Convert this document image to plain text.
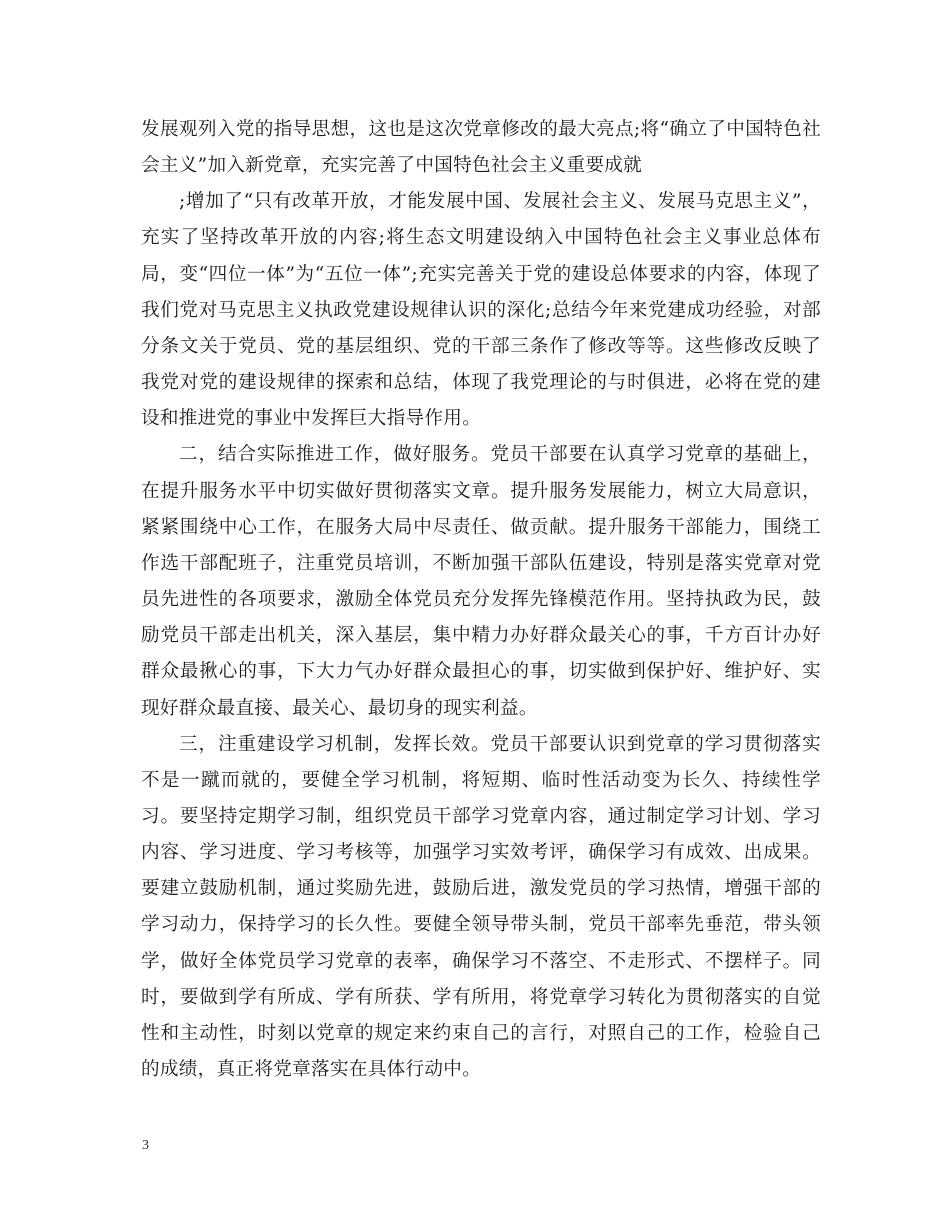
发展观列入党的指导思想，这也是这次党章修改的最大亮点;将“确立了中国特色社会主义”加入新党章，充实完善了中国特色社会主义重要成就

;增加了“只有改革开放，才能发展中国、发展社会主义、发展马克思主义”，充实了坚持改革开放的内容;将生态文明建设纳入中国特色社会主义事业总体布局，变“四位一体”为“五位一体”;充实完善关于党的建设总体要求的内容，体现了我们党对马克思主义执政党建设规律认识的深化;总结今年来党建成功经验，对部分条文关于党员、党的基层组织、党的干部三条作了修改等等。这些修改反映了我党对党的建设规律的探索和总结，体现了我党理论的与时俱进，必将在党的建设和推进党的事业中发挥巨大指导作用。

二，结合实际推进工作，做好服务。党员干部要在认真学习党章的基础上，在提升服务水平中切实做好贯彻落实文章。提升服务发展能力，树立大局意识，紧紧围绕中心工作，在服务大局中尽责任、做贡献。提升服务干部能力，围绕工作选干部配班子，注重党员培训，不断加强干部队伍建设，特别是落实党章对党员先进性的各项要求，激励全体党员充分发挥先锋模范作用。坚持执政为民，鼓励党员干部走出机关，深入基层，集中精力办好群众最关心的事，千方百计办好群众最揪心的事，下大力气办好群众最担心的事，切实做到保护好、维护好、实现好群众最直接、最关心、最切身的现实利益。

三，注重建设学习机制，发挥长效。党员干部要认识到党章的学习贯彻落实不是一蹴而就的，要健全学习机制，将短期、临时性活动变为长久、持续性学习。要坚持定期学习制，组织党员干部学习党章内容，通过制定学习计划、学习内容、学习进度、学习考核等，加强学习实效考评，确保学习有成效、出成果。要建立鼓励机制，通过奖励先进，鼓励后进，激发党员的学习热情，增强干部的学习动力，保持学习的长久性。要健全领导带头制，党员干部率先垂范，带头领学，做好全体党员学习党章的表率，确保学习不落空、不走形式、不摆样子。同时，要做到学有所成、学有所获、学有所用，将党章学习转化为贯彻落实的自觉性和主动性，时刻以党章的规定来约束自己的言行，对照自己的工作，检验自己的成绩，真正将党章落实在具体行动中。

3
